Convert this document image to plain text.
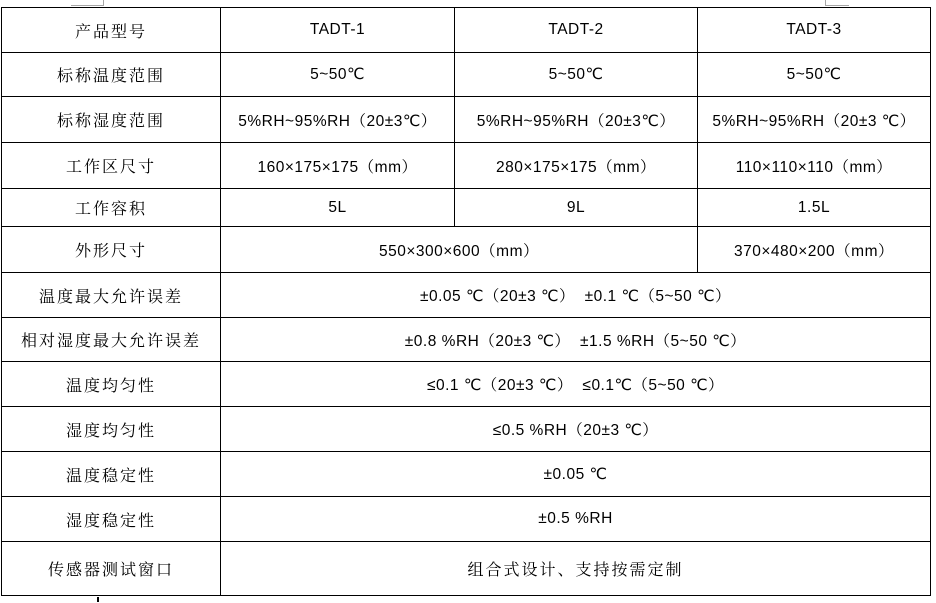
产品型号	TADT-1	TADT-2	TADT-3
标称温度范围	5~50℃	5~50℃	5~50℃
标称湿度范围	5%RH~95%RH（20±3℃）	5%RH~95%RH（20±3℃）	5%RH~95%RH（20±3 ℃）
工作区尺寸	160×175×175（mm）	280×175×175（mm）	110×110×110（mm）
工作容积	5L	9L	1.5L
外形尺寸	550×300×600（mm）		370×480×200（mm）
温度最大允许误差	±0.05 ℃（20±3 ℃）  ±0.1 ℃（5~50 ℃）		
相对湿度最大允许误差	±0.8 %RH（20±3 ℃）  ±1.5 %RH（5~50 ℃）		
温度均匀性	≤0.1 ℃（20±3 ℃）  ≤0.1℃（5~50 ℃）		
湿度均匀性	≤0.5 %RH（20±3 ℃）		
温度稳定性	±0.05 ℃		
湿度稳定性	±0.5 %RH		
传感器测试窗口	组合式设计、支持按需定制		
